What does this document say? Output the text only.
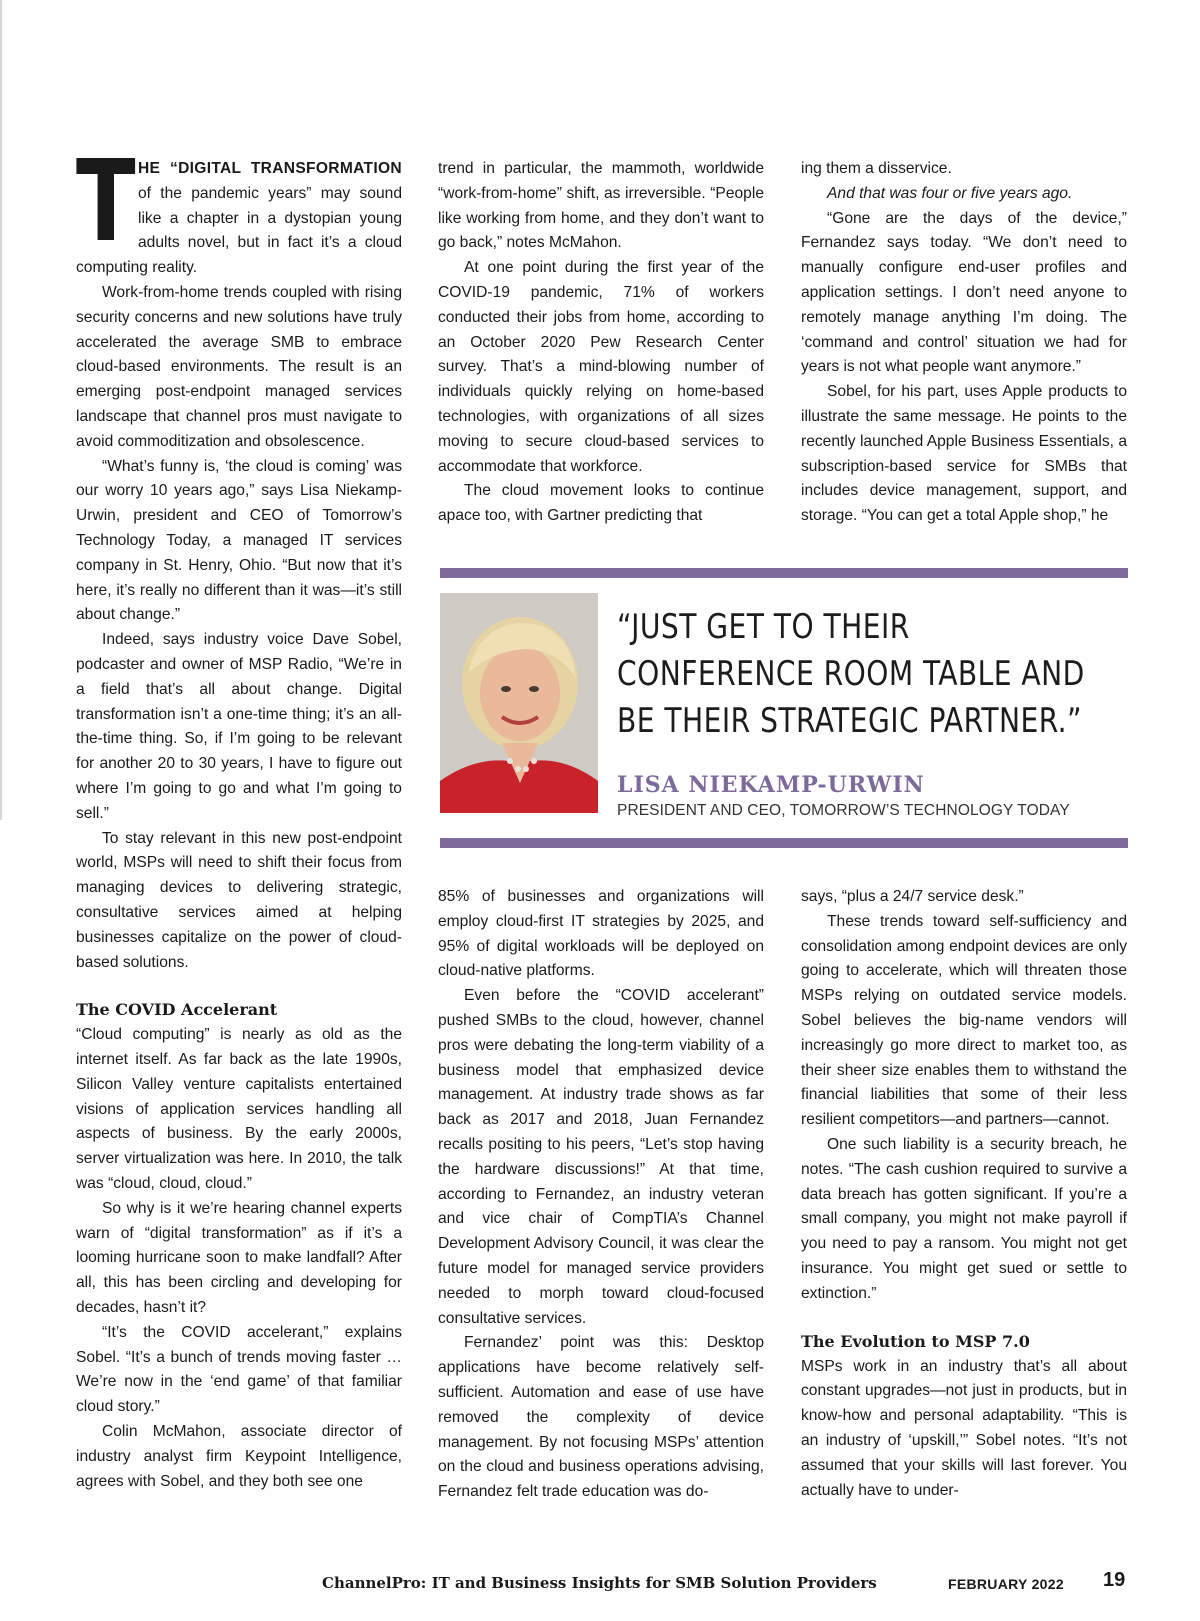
THE “DIGITAL TRANSFORMATION of the pandemic years” may sound like a chapter in a dystopian young adults novel, but in fact it’s a cloud computing reality.

Work-from-home trends coupled with rising security concerns and new solutions have truly accelerated the average SMB to embrace cloud-based environments. The result is an emerging post-endpoint managed services landscape that channel pros must navigate to avoid commoditization and obsolescence.

“What’s funny is, ‘the cloud is coming’ was our worry 10 years ago,” says Lisa Niekamp-Urwin, president and CEO of Tomorrow’s Technology Today, a managed IT services company in St. Henry, Ohio. “But now that it’s here, it’s really no different than it was—it’s still about change.”

Indeed, says industry voice Dave Sobel, podcaster and owner of MSP Radio, “We’re in a field that’s all about change. Digital transformation isn’t a one-time thing; it’s an all-the-time thing. So, if I’m going to be relevant for another 20 to 30 years, I have to figure out where I’m going to go and what I’m going to sell.”

To stay relevant in this new post-endpoint world, MSPs will need to shift their focus from managing devices to delivering strategic, consultative services aimed at helping businesses capitalize on the power of cloud-based solutions.

The COVID Accelerant

“Cloud computing” is nearly as old as the internet itself. As far back as the late 1990s, Silicon Valley venture capitalists entertained visions of application services handling all aspects of business. By the early 2000s, server virtualization was here. In 2010, the talk was “cloud, cloud, cloud.”

So why is it we’re hearing channel experts warn of “digital transformation” as if it’s a looming hurricane soon to make landfall? After all, this has been circling and developing for decades, hasn’t it?

“It’s the COVID accelerant,” explains Sobel. “It’s a bunch of trends moving faster … We’re now in the ‘end game’ of that familiar cloud story.”

Colin McMahon, associate director of industry analyst firm Keypoint Intelligence, agrees with Sobel, and they both see one

trend in particular, the mammoth, worldwide “work-from-home” shift, as irreversible. “People like working from home, and they don’t want to go back,” notes McMahon.

At one point during the first year of the COVID-19 pandemic, 71% of workers conducted their jobs from home, according to an October 2020 Pew Research Center survey. That’s a mind-blowing number of individuals quickly relying on home-based technologies, with organizations of all sizes moving to secure cloud-based services to accommodate that workforce.

The cloud movement looks to continue apace too, with Gartner predicting that

ing them a disservice.

And that was four or five years ago.

“Gone are the days of the device,” Fernandez says today. “We don’t need to manually configure end-user profiles and application settings. I don’t need anyone to remotely manage anything I’m doing. The ‘command and control’ situation we had for years is not what people want anymore.”

Sobel, for his part, uses Apple products to illustrate the same message. He points to the recently launched Apple Business Essentials, a subscription-based service for SMBs that includes device management, support, and storage. “You can get a total Apple shop,” he

“JUST GET TO THEIR CONFERENCE ROOM TABLE AND BE THEIR STRATEGIC PARTNER.”
LISA NIEKAMP-URWIN
PRESIDENT AND CEO, TOMORROW’S TECHNOLOGY TODAY

85% of businesses and organizations will employ cloud-first IT strategies by 2025, and 95% of digital workloads will be deployed on cloud-native platforms.

Even before the “COVID accelerant” pushed SMBs to the cloud, however, channel pros were debating the long-term viability of a business model that emphasized device management. At industry trade shows as far back as 2017 and 2018, Juan Fernandez recalls positing to his peers, “Let’s stop having the hardware discussions!” At that time, according to Fernandez, an industry veteran and vice chair of CompTIA’s Channel Development Advisory Council, it was clear the future model for managed service providers needed to morph toward cloud-focused consultative services.

Fernandez’ point was this: Desktop applications have become relatively self-sufficient. Automation and ease of use have removed the complexity of device management. By not focusing MSPs’ attention on the cloud and business operations advising, Fernandez felt trade education was do-

says, “plus a 24/7 service desk.”

These trends toward self-sufficiency and consolidation among endpoint devices are only going to accelerate, which will threaten those MSPs relying on outdated service models. Sobel believes the big-name vendors will increasingly go more direct to market too, as their sheer size enables them to withstand the financial liabilities that some of their less resilient competitors—and partners—cannot.

One such liability is a security breach, he notes. “The cash cushion required to survive a data breach has gotten significant. If you’re a small company, you might not make payroll if you need to pay a ransom. You might not get insurance. You might get sued or settle to extinction.”

The Evolution to MSP 7.0

MSPs work in an industry that’s all about constant upgrades—not just in products, but in know-how and personal adaptability. “This is an industry of ‘upskill,’” Sobel notes. “It’s not assumed that your skills will last forever. You actually have to under-

ChannelPro: IT and Business Insights for SMB Solution Providers	FEBRUARY 2022 19
